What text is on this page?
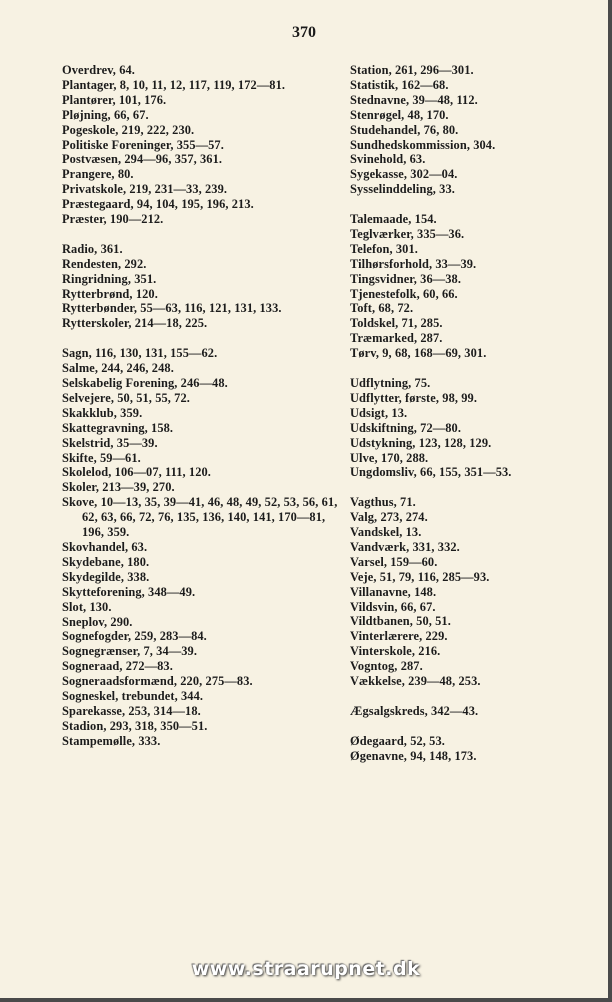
370
Overdrev, 64.
Plantager, 8, 10, 11, 12, 117, 119, 172—81.
Plantører, 101, 176.
Pløjning, 66, 67.
Pogeskole, 219, 222, 230.
Politiske Foreninger, 355—57.
Postvæsen, 294—96, 357, 361.
Prangere, 80.
Privatskole, 219, 231—33, 239.
Præstegaard, 94, 104, 195, 196, 213.
Præster, 190—212.
Radio, 361.
Rendesten, 292.
Ringridning, 351.
Rytterbrønd, 120.
Rytterbønder, 55—63, 116, 121, 131, 133.
Rytterskoler, 214—18, 225.
Sagn, 116, 130, 131, 155—62.
Salme, 244, 246, 248.
Selskabelig Forening, 246—48.
Selvejere, 50, 51, 55, 72.
Skakklub, 359.
Skattegravning, 158.
Skelstrid, 35—39.
Skifte, 59—61.
Skolelod, 106—07, 111, 120.
Skoler, 213—39, 270.
Skove, 10—13, 35, 39—41, 46, 48, 49, 52, 53, 56, 61, 62, 63, 66, 72, 76, 135, 136, 140, 141, 170—81, 196, 359.
Skovhandel, 63.
Skydebane, 180.
Skydegilde, 338.
Skytteforening, 348—49.
Slot, 130.
Sneplov, 290.
Sognefogder, 259, 283—84.
Sognegrænser, 7, 34—39.
Sogneraad, 272—83.
Sogneraadsformænd, 220, 275—83.
Sogneskel, trebundet, 344.
Sparekasse, 253, 314—18.
Stadion, 293, 318, 350—51.
Stampemølle, 333.
Station, 261, 296—301.
Statistik, 162—68.
Stednavne, 39—48, 112.
Stenrøgel, 48, 170.
Studehandel, 76, 80.
Sundhedskommission, 304.
Svinehold, 63.
Sygekasse, 302—04.
Sysselinddeling, 33.
Talemaade, 154.
Teglværker, 335—36.
Telefon, 301.
Tilhørsforhold, 33—39.
Tingsvidner, 36—38.
Tjenestefolk, 60, 66.
Toft, 68, 72.
Toldskel, 71, 285.
Træmarked, 287.
Tørv, 9, 68, 168—69, 301.
Udflytning, 75.
Udflytter, første, 98, 99.
Udsigt, 13.
Udskiftning, 72—80.
Udstykning, 123, 128, 129.
Ulve, 170, 288.
Ungdomsliv, 66, 155, 351—53.
Vagthus, 71.
Valg, 273, 274.
Vandskel, 13.
Vandværk, 331, 332.
Varsel, 159—60.
Veje, 51, 79, 116, 285—93.
Villanavne, 148.
Vildsvin, 66, 67.
Vildtbanen, 50, 51.
Vinterlærere, 229.
Vinterskole, 216.
Vogntog, 287.
Vækkelse, 239—48, 253.
Ægsalgskreds, 342—43.
Ødegaard, 52, 53.
Øgenavne, 94, 148, 173.
www.straarupnet.dk
